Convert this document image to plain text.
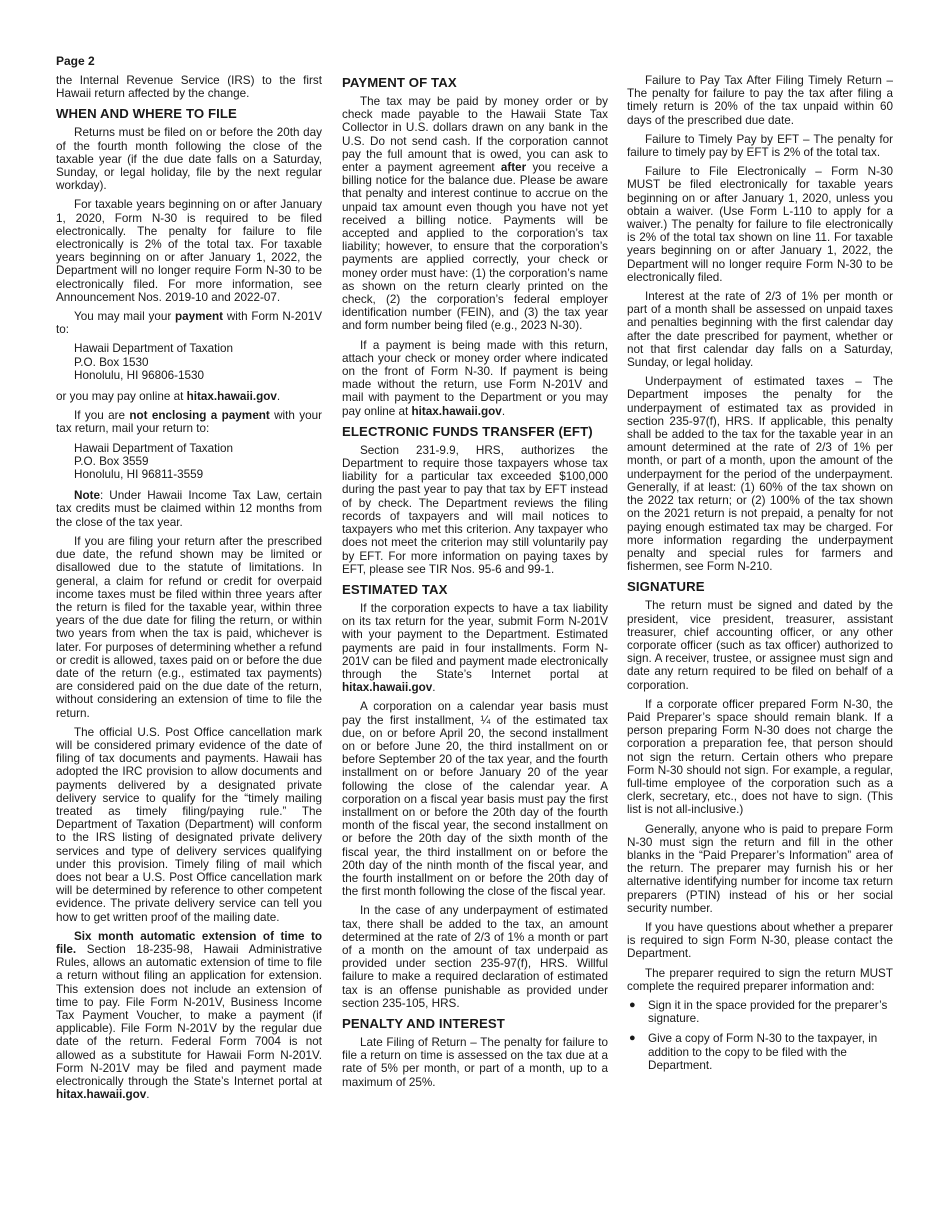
Page 2

the Internal Revenue Service (IRS) to the first Hawaii return affected by the change.

WHEN AND WHERE TO FILE

Returns must be filed on or before the 20th day of the fourth month following the close of the taxable year (if the due date falls on a Saturday, Sunday, or legal holiday, file by the next regular workday).

For taxable years beginning on or after January 1, 2020, Form N-30 is required to be filed electronically. The penalty for failure to file electronically is 2% of the total tax. For taxable years beginning on or after January 1, 2022, the Department will no longer require Form N-30 to be electronically filed. For more information, see Announcement Nos. 2019-10 and 2022-07.

You may mail your payment with Form N-201V to:

Hawaii Department of Taxation
P.O. Box 1530
Honolulu, HI 96806-1530

or you may pay online at hitax.hawaii.gov.

If you are not enclosing a payment with your tax return, mail your return to:

Hawaii Department of Taxation
P.O. Box 3559
Honolulu, HI 96811-3559

Note: Under Hawaii Income Tax Law, certain tax credits must be claimed within 12 months from the close of the tax year.

If you are filing your return after the prescribed due date, the refund shown may be limited or disallowed due to the statute of limitations. In general, a claim for refund or credit for overpaid income taxes must be filed within three years after the return is filed for the taxable year, within three years of the due date for filing the return, or within two years from when the tax is paid, whichever is later. For purposes of determining whether a refund or credit is allowed, taxes paid on or before the due date of the return (e.g., estimated tax payments) are considered paid on the due date of the return, without considering an extension of time to file the return.

The official U.S. Post Office cancellation mark will be considered primary evidence of the date of filing of tax documents and payments. Hawaii has adopted the IRC provision to allow documents and payments delivered by a designated private delivery service to qualify for the “timely mailing treated as timely filing/paying rule.” The Department of Taxation (Department) will conform to the IRS listing of designated private delivery services and type of delivery services qualifying under this provision. Timely filing of mail which does not bear a U.S. Post Office cancellation mark will be determined by reference to other competent evidence. The private delivery service can tell you how to get written proof of the mailing date.

Six month automatic extension of time to file. Section 18-235-98, Hawaii Administrative Rules, allows an automatic extension of time to file a return without filing an application for extension. This extension does not include an extension of time to pay. File Form N-201V, Business Income Tax Payment Voucher, to make a payment (if applicable). File Form N-201V by the regular due date of the return. Federal Form 7004 is not allowed as a substitute for Hawaii Form N-201V. Form N-201V may be filed and payment made electronically through the State’s Internet portal at hitax.hawaii.gov.

PAYMENT OF TAX

The tax may be paid by money order or by check made payable to the Hawaii State Tax Collector in U.S. dollars drawn on any bank in the U.S. Do not send cash. If the corporation cannot pay the full amount that is owed, you can ask to enter a payment agreement after you receive a billing notice for the balance due. Please be aware that penalty and interest continue to accrue on the unpaid tax amount even though you have not yet received a billing notice. Payments will be accepted and applied to the corporation’s tax liability; however, to ensure that the corporation’s payments are applied correctly, your check or money order must have: (1) the corporation’s name as shown on the return clearly printed on the check, (2) the corporation’s federal employer identification number (FEIN), and (3) the tax year and form number being filed (e.g., 2023 N-30).

If a payment is being made with this return, attach your check or money order where indicated on the front of Form N-30. If payment is being made without the return, use Form N-201V and mail with payment to the Department or you may pay online at hitax.hawaii.gov.

ELECTRONIC FUNDS TRANSFER (EFT)

Section 231-9.9, HRS, authorizes the Department to require those taxpayers whose tax liability for a particular tax exceeded $100,000 during the past year to pay that tax by EFT instead of by check. The Department reviews the filing records of taxpayers and will mail notices to taxpayers who met this criterion. Any taxpayer who does not meet the criterion may still voluntarily pay by EFT. For more information on paying taxes by EFT, please see TIR Nos. 95-6 and 99-1.

ESTIMATED TAX

If the corporation expects to have a tax liability on its tax return for the year, submit Form N-201V with your payment to the Department. Estimated payments are paid in four installments. Form N-201V can be filed and payment made electronically through the State’s Internet portal at hitax.hawaii.gov.

A corporation on a calendar year basis must pay the first installment, ¼ of the estimated tax due, on or before April 20, the second installment on or before June 20, the third installment on or before September 20 of the tax year, and the fourth installment on or before January 20 of the year following the close of the calendar year. A corporation on a fiscal year basis must pay the first installment on or before the 20th day of the fourth month of the fiscal year, the second installment on or before the 20th day of the sixth month of the fiscal year, the third installment on or before the 20th day of the ninth month of the fiscal year, and the fourth installment on or before the 20th day of the first month following the close of the fiscal year.

In the case of any underpayment of estimated tax, there shall be added to the tax, an amount determined at the rate of 2/3 of 1% a month or part of a month on the amount of tax underpaid as provided under section 235-97(f), HRS. Willful failure to make a required declaration of estimated tax is an offense punishable as provided under section 235-105, HRS.

PENALTY AND INTEREST

Late Filing of Return – The penalty for failure to file a return on time is assessed on the tax due at a rate of 5% per month, or part of a month, up to a maximum of 25%.

Failure to Pay Tax After Filing Timely Return – The penalty for failure to pay the tax after filing a timely return is 20% of the tax unpaid within 60 days of the prescribed due date.

Failure to Timely Pay by EFT – The penalty for failure to timely pay by EFT is 2% of the total tax.

Failure to File Electronically – Form N-30 MUST be filed electronically for taxable years beginning on or after January 1, 2020, unless you obtain a waiver. (Use Form L-110 to apply for a waiver.) The penalty for failure to file electronically is 2% of the total tax shown on line 11. For taxable years beginning on or after January 1, 2022, the Department will no longer require Form N-30 to be electronically filed.

Interest at the rate of 2/3 of 1% per month or part of a month shall be assessed on unpaid taxes and penalties beginning with the first calendar day after the date prescribed for payment, whether or not that first calendar day falls on a Saturday, Sunday, or legal holiday.

Underpayment of estimated taxes – The Department imposes the penalty for the underpayment of estimated tax as provided in section 235-97(f), HRS. If applicable, this penalty shall be added to the tax for the taxable year in an amount determined at the rate of 2/3 of 1% per month, or part of a month, upon the amount of the underpayment for the period of the underpayment. Generally, if at least: (1) 60% of the tax shown on the 2022 tax return; or (2) 100% of the tax shown on the 2021 return is not prepaid, a penalty for not paying enough estimated tax may be charged. For more information regarding the underpayment penalty and special rules for farmers and fishermen, see Form N-210.

SIGNATURE

The return must be signed and dated by the president, vice president, treasurer, assistant treasurer, chief accounting officer, or any other corporate officer (such as tax officer) authorized to sign. A receiver, trustee, or assignee must sign and date any return required to be filed on behalf of a corporation.

If a corporate officer prepared Form N-30, the Paid Preparer’s space should remain blank. If a person preparing Form N-30 does not charge the corporation a preparation fee, that person should not sign the return. Certain others who prepare Form N-30 should not sign. For example, a regular, full-time employee of the corporation such as a clerk, secretary, etc., does not have to sign. (This list is not all-inclusive.)

Generally, anyone who is paid to prepare Form N-30 must sign the return and fill in the other blanks in the “Paid Preparer’s Information” area of the return. The preparer may furnish his or her alternative identifying number for income tax return preparers (PTIN) instead of his or her social security number.

If you have questions about whether a preparer is required to sign Form N-30, please contact the Department.

The preparer required to sign the return MUST complete the required preparer information and:

● Sign it in the space provided for the preparer’s signature.
● Give a copy of Form N-30 to the taxpayer, in addition to the copy to be filed with the Department.
